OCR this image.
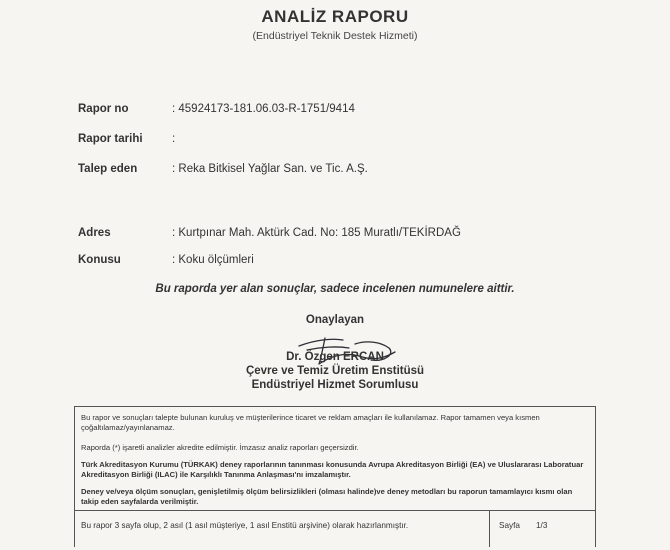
ANALİZ RAPORU
(Endüstriyel Teknik Destek Hizmeti)
Rapor no	: 45924173-181.06.03-R-1751/9414
Rapor tarihi	:
Talep eden	: Reka Bitkisel Yağlar San. ve Tic. A.Ş.
Adres	: Kurtpınar Mah. Aktürk Cad. No: 185 Muratlı/TEKİRDAĞ
Konusu	: Koku ölçümleri
Bu raporda yer alan sonuçlar, sadece incelenen numunelere aittir.
Onaylayan
Dr. Özgen ERCAN
Çevre ve Temiz Üretim Enstitüsü
Endüstriyel Hizmet Sorumlusu
Bu rapor ve sonuçları talepte bulunan kuruluş ve müşterilerince ticaret ve reklam amaçları ile kullanılamaz. Rapor tamamen veya kısmen çoğaltılamaz/yayınlanamaz.
Raporda (*) işaretli analizler akredite edilmiştir. İmzasız analiz raporları geçersizdir.
Türk Akreditasyon Kurumu (TÜRKAK) deney raporlarının tanınması konusunda Avrupa Akreditasyon Birliği (EA) ve Uluslararası Laboratuar Akreditasyon Birliği (ILAC) ile Karşılıklı Tanınma Anlaşması'nı imzalamıştır.
Deney ve/veya ölçüm sonuçları, genişletilmiş ölçüm belirsizlikleri (olması halinde)ve deney metodları bu raporun tamamlayıcı kısmı olan takip eden sayfalarda verilmiştir.
Bu rapor 3 sayfa olup, 2 asıl (1 asıl müşteriye, 1 asıl Enstitü arşivine) olarak hazırlanmıştır.	Sayfa 1/3
